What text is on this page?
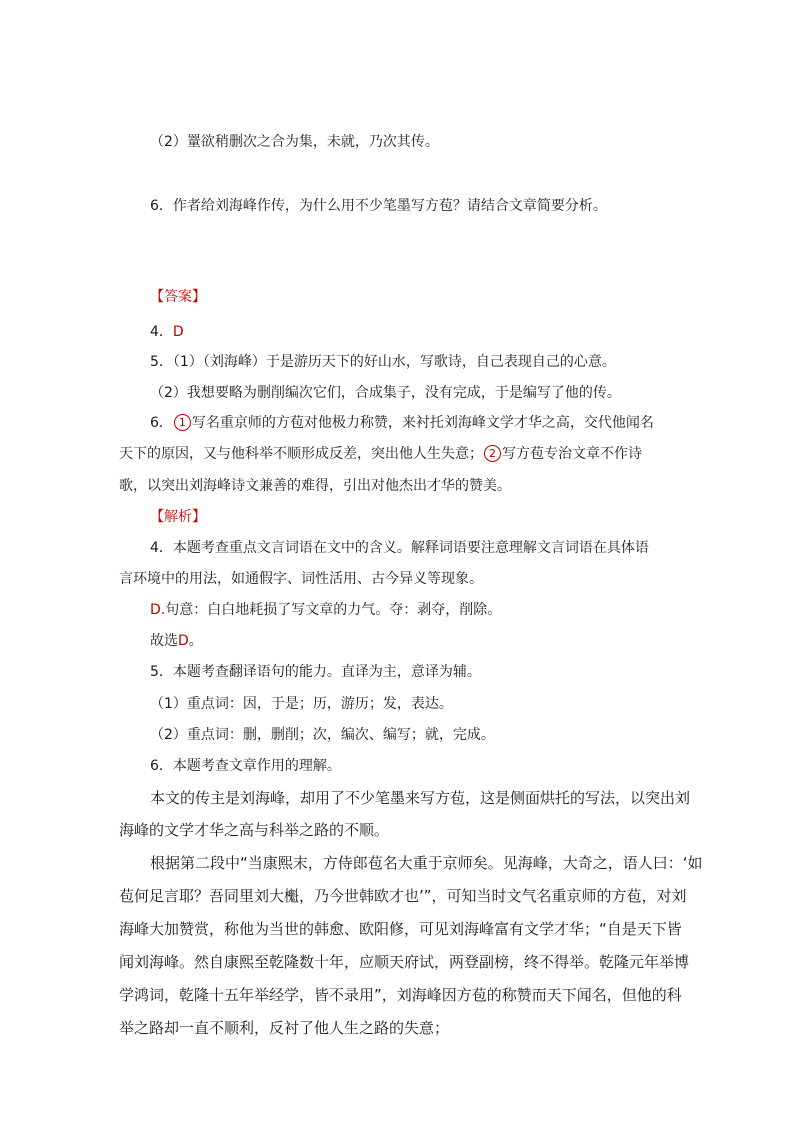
（2）罿欲稍删次之合为集，未就，乃次其传。
6．作者给刘海峰作传，为什么用不少笔墨写方苞？请结合文章简要分析。
【答案】
4．D
5．（1）（刘海峰）于是游历天下的好山水，写歌诗，自己表现自己的心意。
（2）我想要略为删削编次它们，合成集子，没有完成，于是编写了他的传。
6． 1 写名重京师的方苞对他极力称赞，来衬托刘海峰文学才华之高，交代他闻名
天下的原因，又与他科举不顺形成反差，突出他人生失意； 2 写方苞专治文章不作诗
歌，以突出刘海峰诗文兼善的难得，引出对他杰出才华的赞美。
【解析】
4．本题考查重点文言词语在文中的含义。解释词语要注意理解文言词语在具体语
言环境中的用法，如通假字、词性活用、古今异义等现象。
D.句意：白白地耗损了写文章的力气。夺：剥夺，削除。
故选D。
5．本题考查翻译语句的能力。直译为主，意译为辅。
（1）重点词：因，于是；历，游历；发，表达。
（2）重点词：删，删削；次，编次、编写；就，完成。
6．本题考查文章作用的理解。
本文的传主是刘海峰，却用了不少笔墨来写方苞，这是侧面烘托的写法，以突出刘
海峰的文学才华之高与科举之路的不顺。
根据第二段中“当康熙末，方侍郎苞名大重于京师矣。见海峰，大奇之，语人曰：‘如
苞何足言耶？吾同里刘大櫆，乃今世韩欧才也’”，可知当时文气名重京师的方苞，对刘
海峰大加赞赏，称他为当世的韩愈、欧阳修，可见刘海峰富有文学才华；“自是天下皆
闻刘海峰。然自康熙至乾隆数十年，应顺天府试，两登副榜，终不得举。乾隆元年举博
学鸿词，乾隆十五年举经学，皆不录用”，刘海峰因方苞的称赞而天下闻名，但他的科
举之路却一直不顺利，反衬了他人生之路的失意；
